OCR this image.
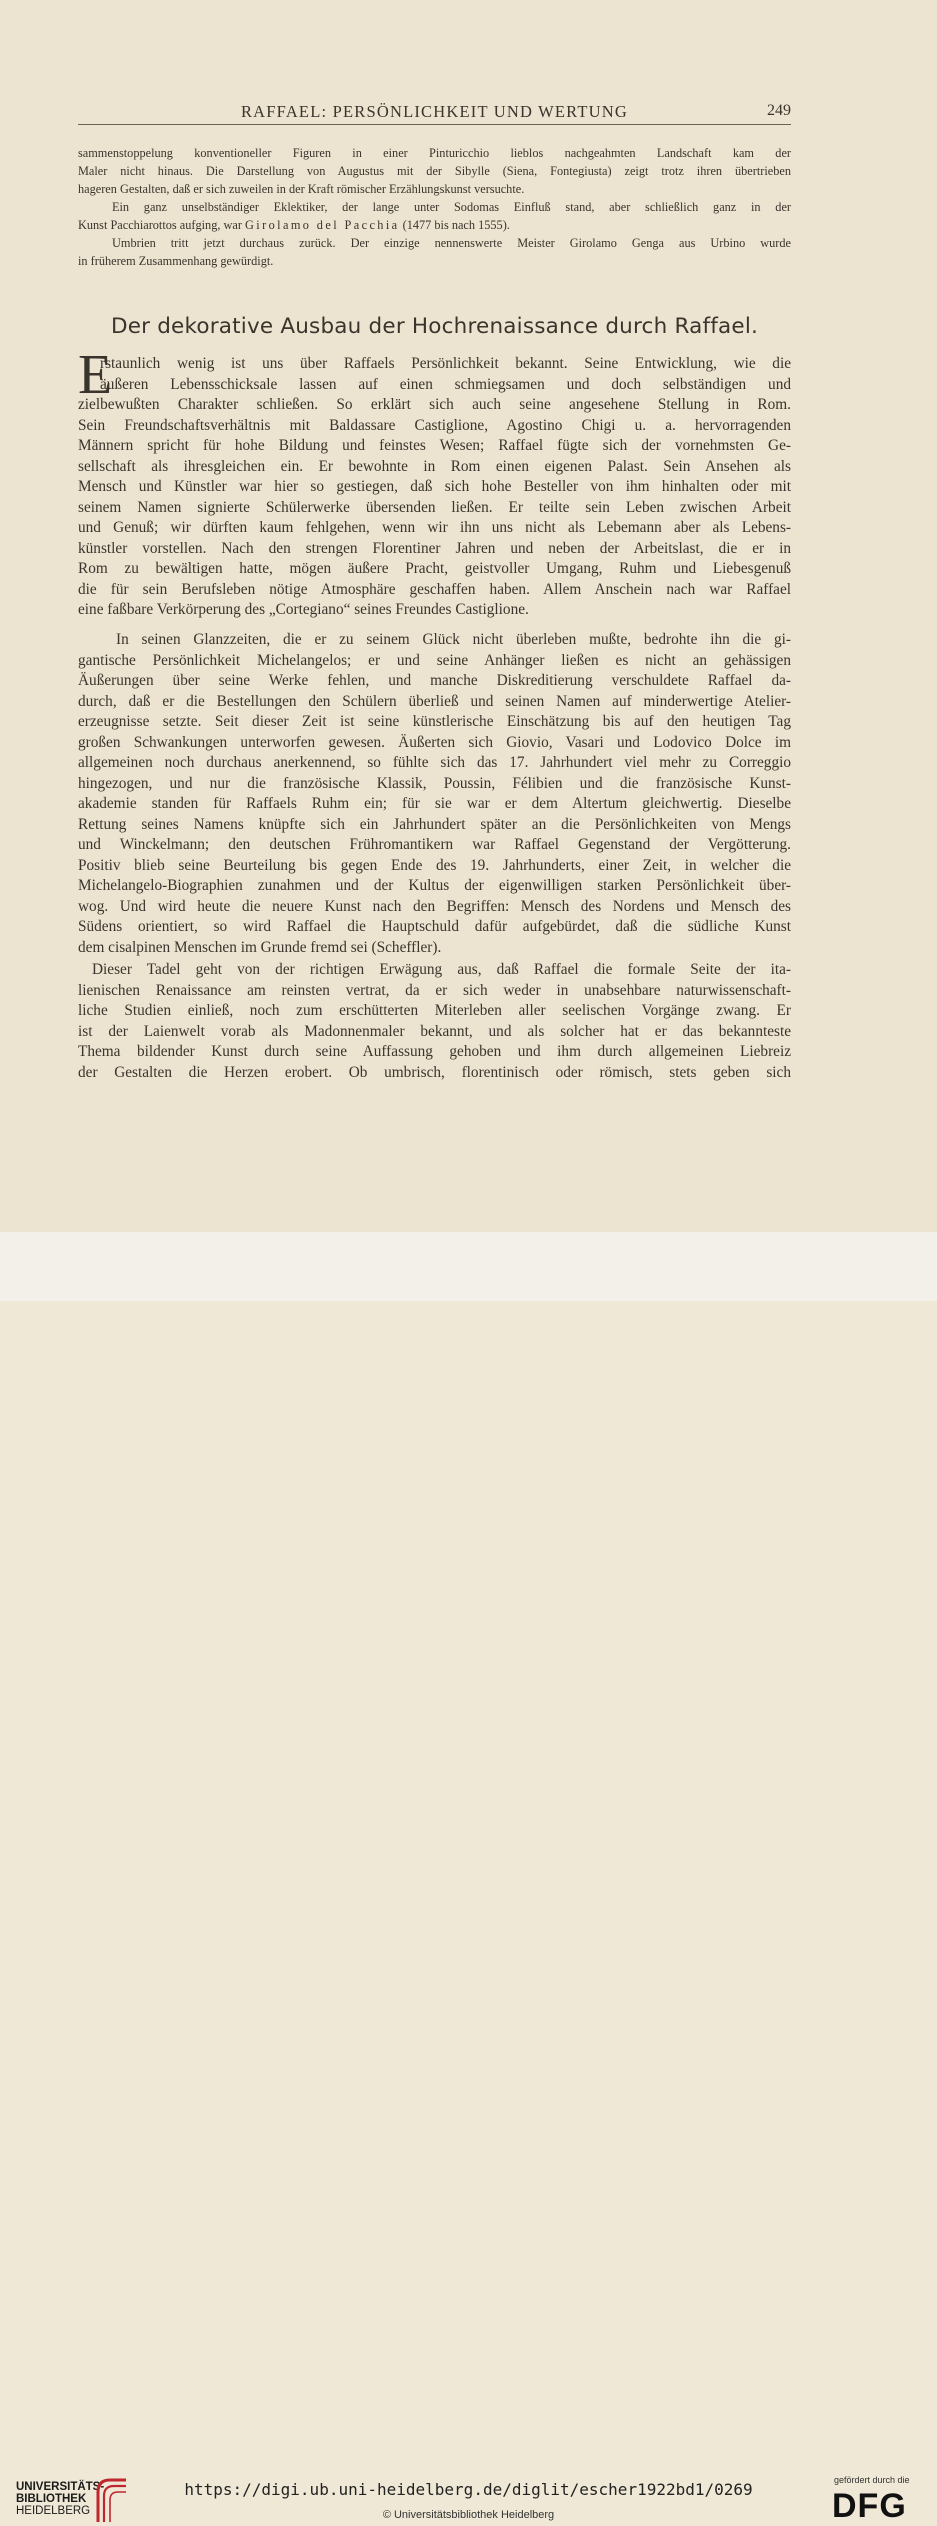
RAFFAEL: PERSÖNLICHKEIT UND WERTUNG	249
sammenstoppelung konventioneller Figuren in einer Pinturicchio lieblos nachgeahmten Landschaft kam der
Maler nicht hinaus. Die Darstellung von Augustus mit der Sibylle (Siena, Fontegiusta) zeigt trotz ihren übertrieben
hageren Gestalten, daß er sich zuweilen in der Kraft römischer Erzählungskunst versuchte.
Ein ganz unselbständiger Eklektiker, der lange unter Sodomas Einfluß stand, aber schließlich ganz in der
Kunst Pacchiarottos aufging, war Girolamo del Pacchia (1477 bis nach 1555).
Umbrien tritt jetzt durchaus zurück. Der einzige nennenswerte Meister Girolamo Genga aus Urbino wurde
in früherem Zusammenhang gewürdigt.
Der dekorative Ausbau der Hochrenaissance durch Raffael.
E
rstaunlich wenig ist uns über Raffaels Persönlichkeit bekannt. Seine Entwicklung, wie die
äußeren Lebensschicksale lassen auf einen schmiegsamen und doch selbständigen und
zielbewußten Charakter schließen. So erklärt sich auch seine angesehene Stellung in Rom.
Sein Freundschaftsverhältnis mit Baldassare Castiglione, Agostino Chigi u. a. hervorragenden
Männern spricht für hohe Bildung und feinstes Wesen; Raffael fügte sich der vornehmsten Ge-
sellschaft als ihresgleichen ein. Er bewohnte in Rom einen eigenen Palast. Sein Ansehen als
Mensch und Künstler war hier so gestiegen, daß sich hohe Besteller von ihm hinhalten oder mit
seinem Namen signierte Schülerwerke übersenden ließen. Er teilte sein Leben zwischen Arbeit
und Genuß; wir dürften kaum fehlgehen, wenn wir ihn uns nicht als Lebemann aber als Lebens-
künstler vorstellen. Nach den strengen Florentiner Jahren und neben der Arbeitslast, die er in
Rom zu bewältigen hatte, mögen äußere Pracht, geistvoller Umgang, Ruhm und Liebesgenuß
die für sein Berufsleben nötige Atmosphäre geschaffen haben. Allem Anschein nach war Raffael
eine faßbare Verkörperung des „Cortegiano“ seines Freundes Castiglione.
In seinen Glanzzeiten, die er zu seinem Glück nicht überleben mußte, bedrohte ihn die gi-
gantische Persönlichkeit Michelangelos; er und seine Anhänger ließen es nicht an gehässigen
Äußerungen über seine Werke fehlen, und manche Diskreditierung verschuldete Raffael da-
durch, daß er die Bestellungen den Schülern überließ und seinen Namen auf minderwertige Atelier-
erzeugnisse setzte. Seit dieser Zeit ist seine künstlerische Einschätzung bis auf den heutigen Tag
großen Schwankungen unterworfen gewesen. Äußerten sich Giovio, Vasari und Lodovico Dolce im
allgemeinen noch durchaus anerkennend, so fühlte sich das 17. Jahrhundert viel mehr zu Correggio
hingezogen, und nur die französische Klassik, Poussin, Félibien und die französische Kunst-
akademie standen für Raffaels Ruhm ein; für sie war er dem Altertum gleichwertig. Dieselbe
Rettung seines Namens knüpfte sich ein Jahrhundert später an die Persönlichkeiten von Mengs
und Winckelmann; den deutschen Frühromantikern war Raffael Gegenstand der Vergötterung.
Positiv blieb seine Beurteilung bis gegen Ende des 19. Jahrhunderts, einer Zeit, in welcher die
Michelangelo-Biographien zunahmen und der Kultus der eigenwilligen starken Persönlichkeit über-
wog. Und wird heute die neuere Kunst nach den Begriffen: Mensch des Nordens und Mensch des
Südens orientiert, so wird Raffael die Hauptschuld dafür aufgebürdet, daß die südliche Kunst
dem cisalpinen Menschen im Grunde fremd sei (Scheffler).
Dieser Tadel geht von der richtigen Erwägung aus, daß Raffael die formale Seite der ita-
lienischen Renaissance am reinsten vertrat, da er sich weder in unabsehbare naturwissenschaft-
liche Studien einließ, noch zum erschütterten Miterleben aller seelischen Vorgänge zwang. Er
ist der Laienwelt vorab als Madonnenmaler bekannt, und als solcher hat er das bekannteste
Thema bildender Kunst durch seine Auffassung gehoben und ihm durch allgemeinen Liebreiz
der Gestalten die Herzen erobert. Ob umbrisch, florentinisch oder römisch, stets geben sich
UNIVERSITÄTS-
BIBLIOTHEK
HEIDELBERG
https://digi.ub.uni-heidelberg.de/diglit/escher1922bd1/0269
© Universitätsbibliothek Heidelberg
gefördert durch die
DFG
